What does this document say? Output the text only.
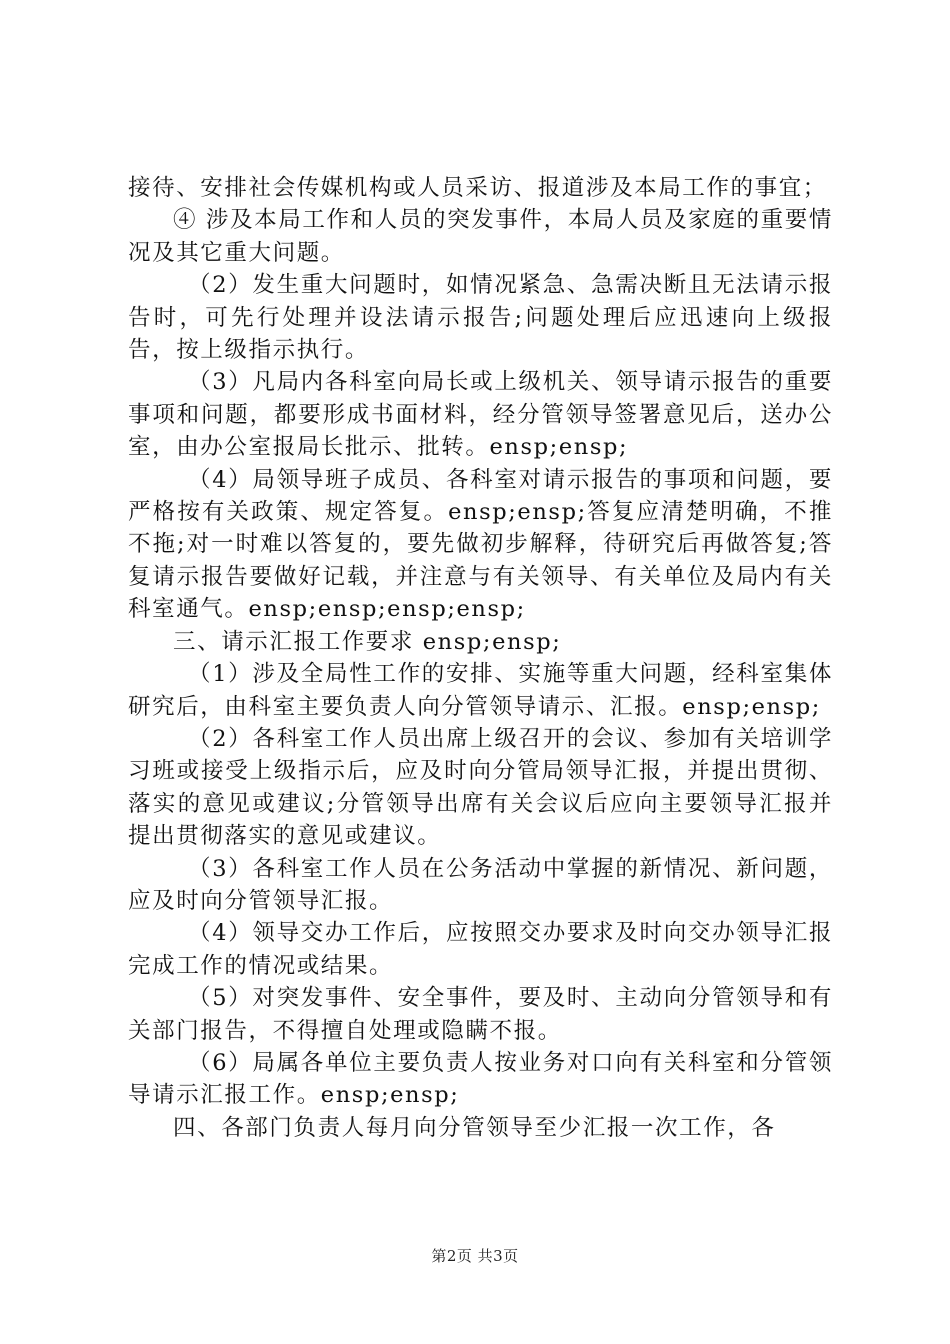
接待、安排社会传媒机构或人员采访、报道涉及本局工作的事宜；

④ 涉及本局工作和人员的突发事件，本局人员及家庭的重要情况及其它重大问题。

（2）发生重大问题时，如情况紧急、急需决断且无法请示报告时，可先行处理并设法请示报告;问题处理后应迅速向上级报告，按上级指示执行。

（3）凡局内各科室向局长或上级机关、领导请示报告的重要事项和问题，都要形成书面材料，经分管领导签署意见后，送办公室，由办公室报局长批示、批转。ensp;ensp;

（4）局领导班子成员、各科室对请示报告的事项和问题，要严格按有关政策、规定答复。ensp;ensp;答复应清楚明确，不推不拖;对一时难以答复的，要先做初步解释，待研究后再做答复;答复请示报告要做好记载，并注意与有关领导、有关单位及局内有关科室通气。ensp;ensp;ensp;ensp;

三、请示汇报工作要求 ensp;ensp;

（1）涉及全局性工作的安排、实施等重大问题，经科室集体研究后，由科室主要负责人向分管领导请示、汇报。ensp;ensp;

（2）各科室工作人员出席上级召开的会议、参加有关培训学习班或接受上级指示后，应及时向分管局领导汇报，并提出贯彻、落实的意见或建议;分管领导出席有关会议后应向主要领导汇报并提出贯彻落实的意见或建议。

（3）各科室工作人员在公务活动中掌握的新情况、新问题，应及时向分管领导汇报。

（4）领导交办工作后，应按照交办要求及时向交办领导汇报完成工作的情况或结果。

（5）对突发事件、安全事件，要及时、主动向分管领导和有关部门报告，不得擅自处理或隐瞒不报。

（6）局属各单位主要负责人按业务对口向有关科室和分管领导请示汇报工作。ensp;ensp;

四、各部门负责人每月向分管领导至少汇报一次工作，各

第2页 共3页
